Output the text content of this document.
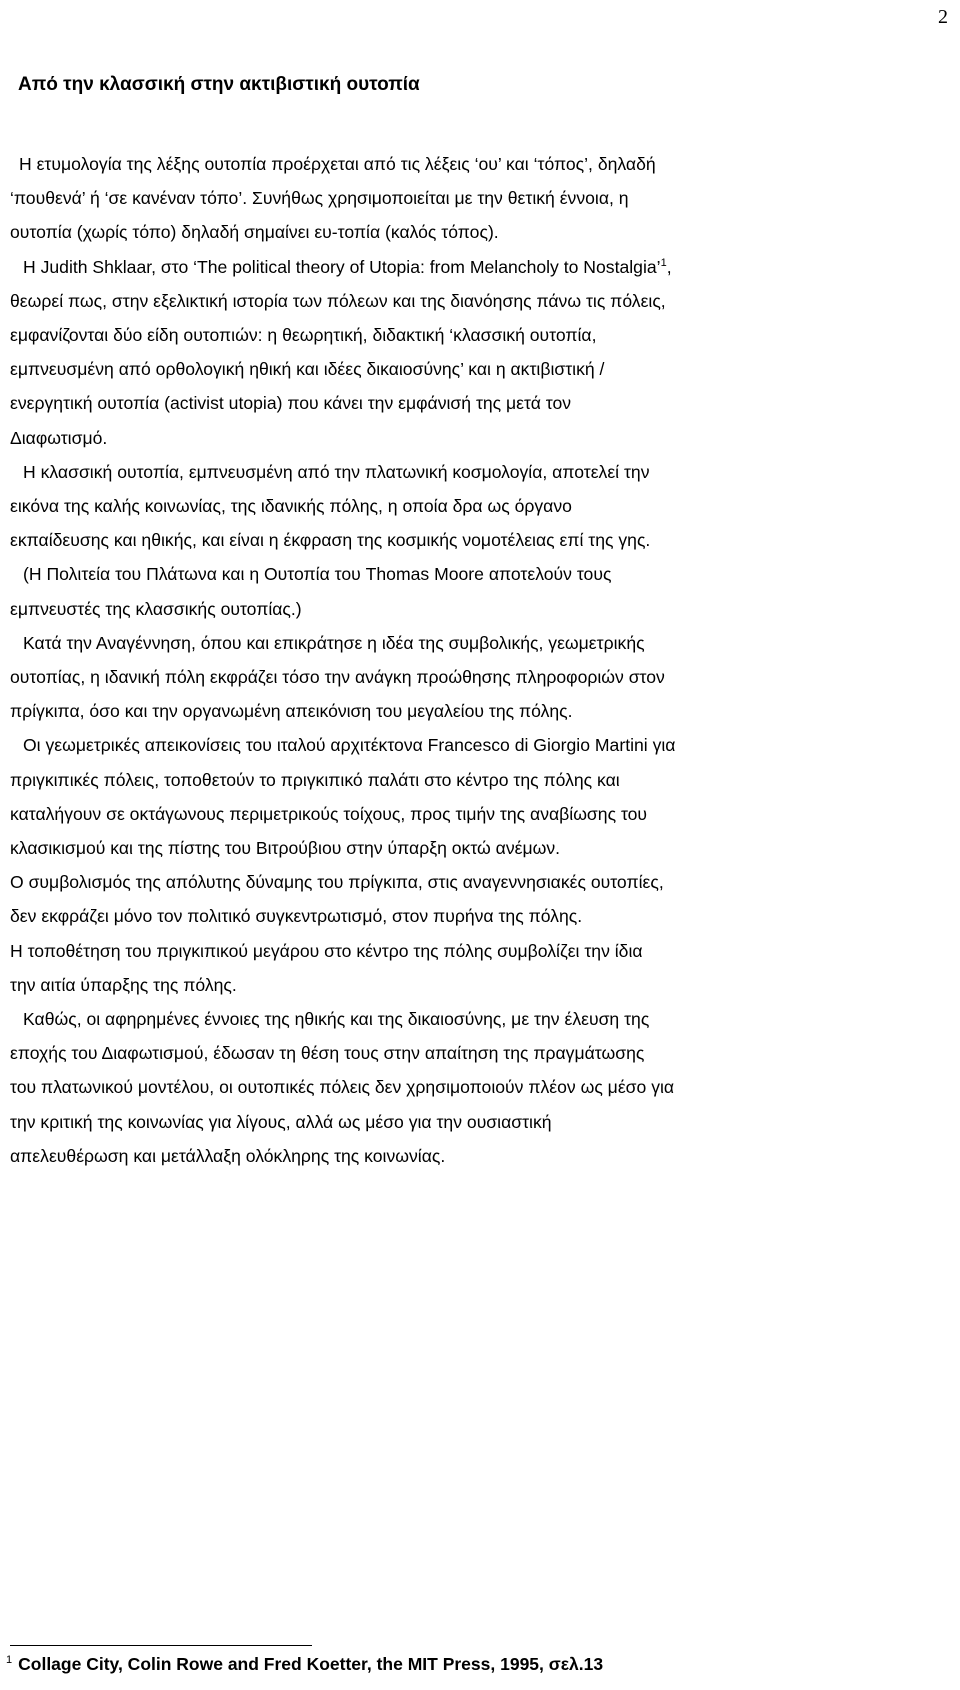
2
Από την κλασσική στην ακτιβιστική ουτοπία
Η ετυμολογία της λέξης ουτοπία προέρχεται από τις λέξεις ‘ου’ και ‘τόπος’, δηλαδή
‘πουθενά’ ή ‘σε κανέναν τόπο’. Συνήθως χρησιμοποιείται με την θετική έννοια, η
ουτοπία (χωρίς τόπο) δηλαδή σημαίνει ευ-τοπία (καλός τόπος).
Η Judith Shklaar, στο ‘The political theory of Utopia: from Melancholy to Nostalgia’$^1$,
θεωρεί πως, στην εξελικτική ιστορία των πόλεων και της διανόησης πάνω τις πόλεις,
εμφανίζονται δύο είδη ουτοπιών: η θεωρητική, διδακτική ‘κλασσική ουτοπία,
εμπνευσμένη από ορθολογική ηθική και ιδέες δικαιοσύνης’ και η ακτιβιστική /
ενεργητική ουτοπία (activist utopia) που κάνει την εμφάνισή της μετά τον
Διαφωτισμό.
Η κλασσική ουτοπία, εμπνευσμένη από την πλατωνική κοσμολογία, αποτελεί την
εικόνα της καλής κοινωνίας, της ιδανικής πόλης, η οποία δρα ως όργανο
εκπαίδευσης και ηθικής, και είναι η έκφραση της κοσμικής νομοτέλειας επί της γης.
(Η Πολιτεία του Πλάτωνα και η Ουτοπία του Thomas Moore αποτελούν τους
εμπνευστές της κλασσικής ουτοπίας.)
Κατά την Αναγέννηση, όπου και επικράτησε η ιδέα της συμβολικής, γεωμετρικής
ουτοπίας, η ιδανική πόλη εκφράζει τόσο την ανάγκη προώθησης πληροφοριών στον
πρίγκιπα, όσο και την οργανωμένη απεικόνιση του μεγαλείου της πόλης.
Οι γεωμετρικές απεικονίσεις του ιταλού αρχιτέκτονα Francesco di Giorgio Martini για
πριγκιπικές πόλεις, τοποθετούν το πριγκιπικό παλάτι στο κέντρο της πόλης και
καταλήγουν σε οκτάγωνους περιμετρικούς τοίχους, προς τιμήν της αναβίωσης του
κλασικισμού και της πίστης του Βιτρούβιου στην ύπαρξη οκτώ ανέμων.
Ο συμβολισμός της απόλυτης δύναμης του πρίγκιπα, στις αναγεννησιακές ουτοπίες,
δεν εκφράζει μόνο τον πολιτικό συγκεντρωτισμό, στον πυρήνα της πόλης.
Η τοποθέτηση του πριγκιπικού μεγάρου στο κέντρο της πόλης συμβολίζει την ίδια
την αιτία ύπαρξης της πόλης.
Καθώς, οι αφηρημένες έννοιες της ηθικής και της δικαιοσύνης, με την έλευση της
εποχής του Διαφωτισμού, έδωσαν τη θέση τους στην απαίτηση της πραγμάτωσης
του πλατωνικού μοντέλου, οι ουτοπικές πόλεις δεν χρησιμοποιούν πλέον ως μέσο για
την κριτική της κοινωνίας για λίγους, αλλά ως μέσο για την ουσιαστική
απελευθέρωση και μετάλλαξη ολόκληρης της κοινωνίας.
$^1$ Collage City, Colin Rowe and Fred Koetter, the MIT Press, 1995, σελ.13
